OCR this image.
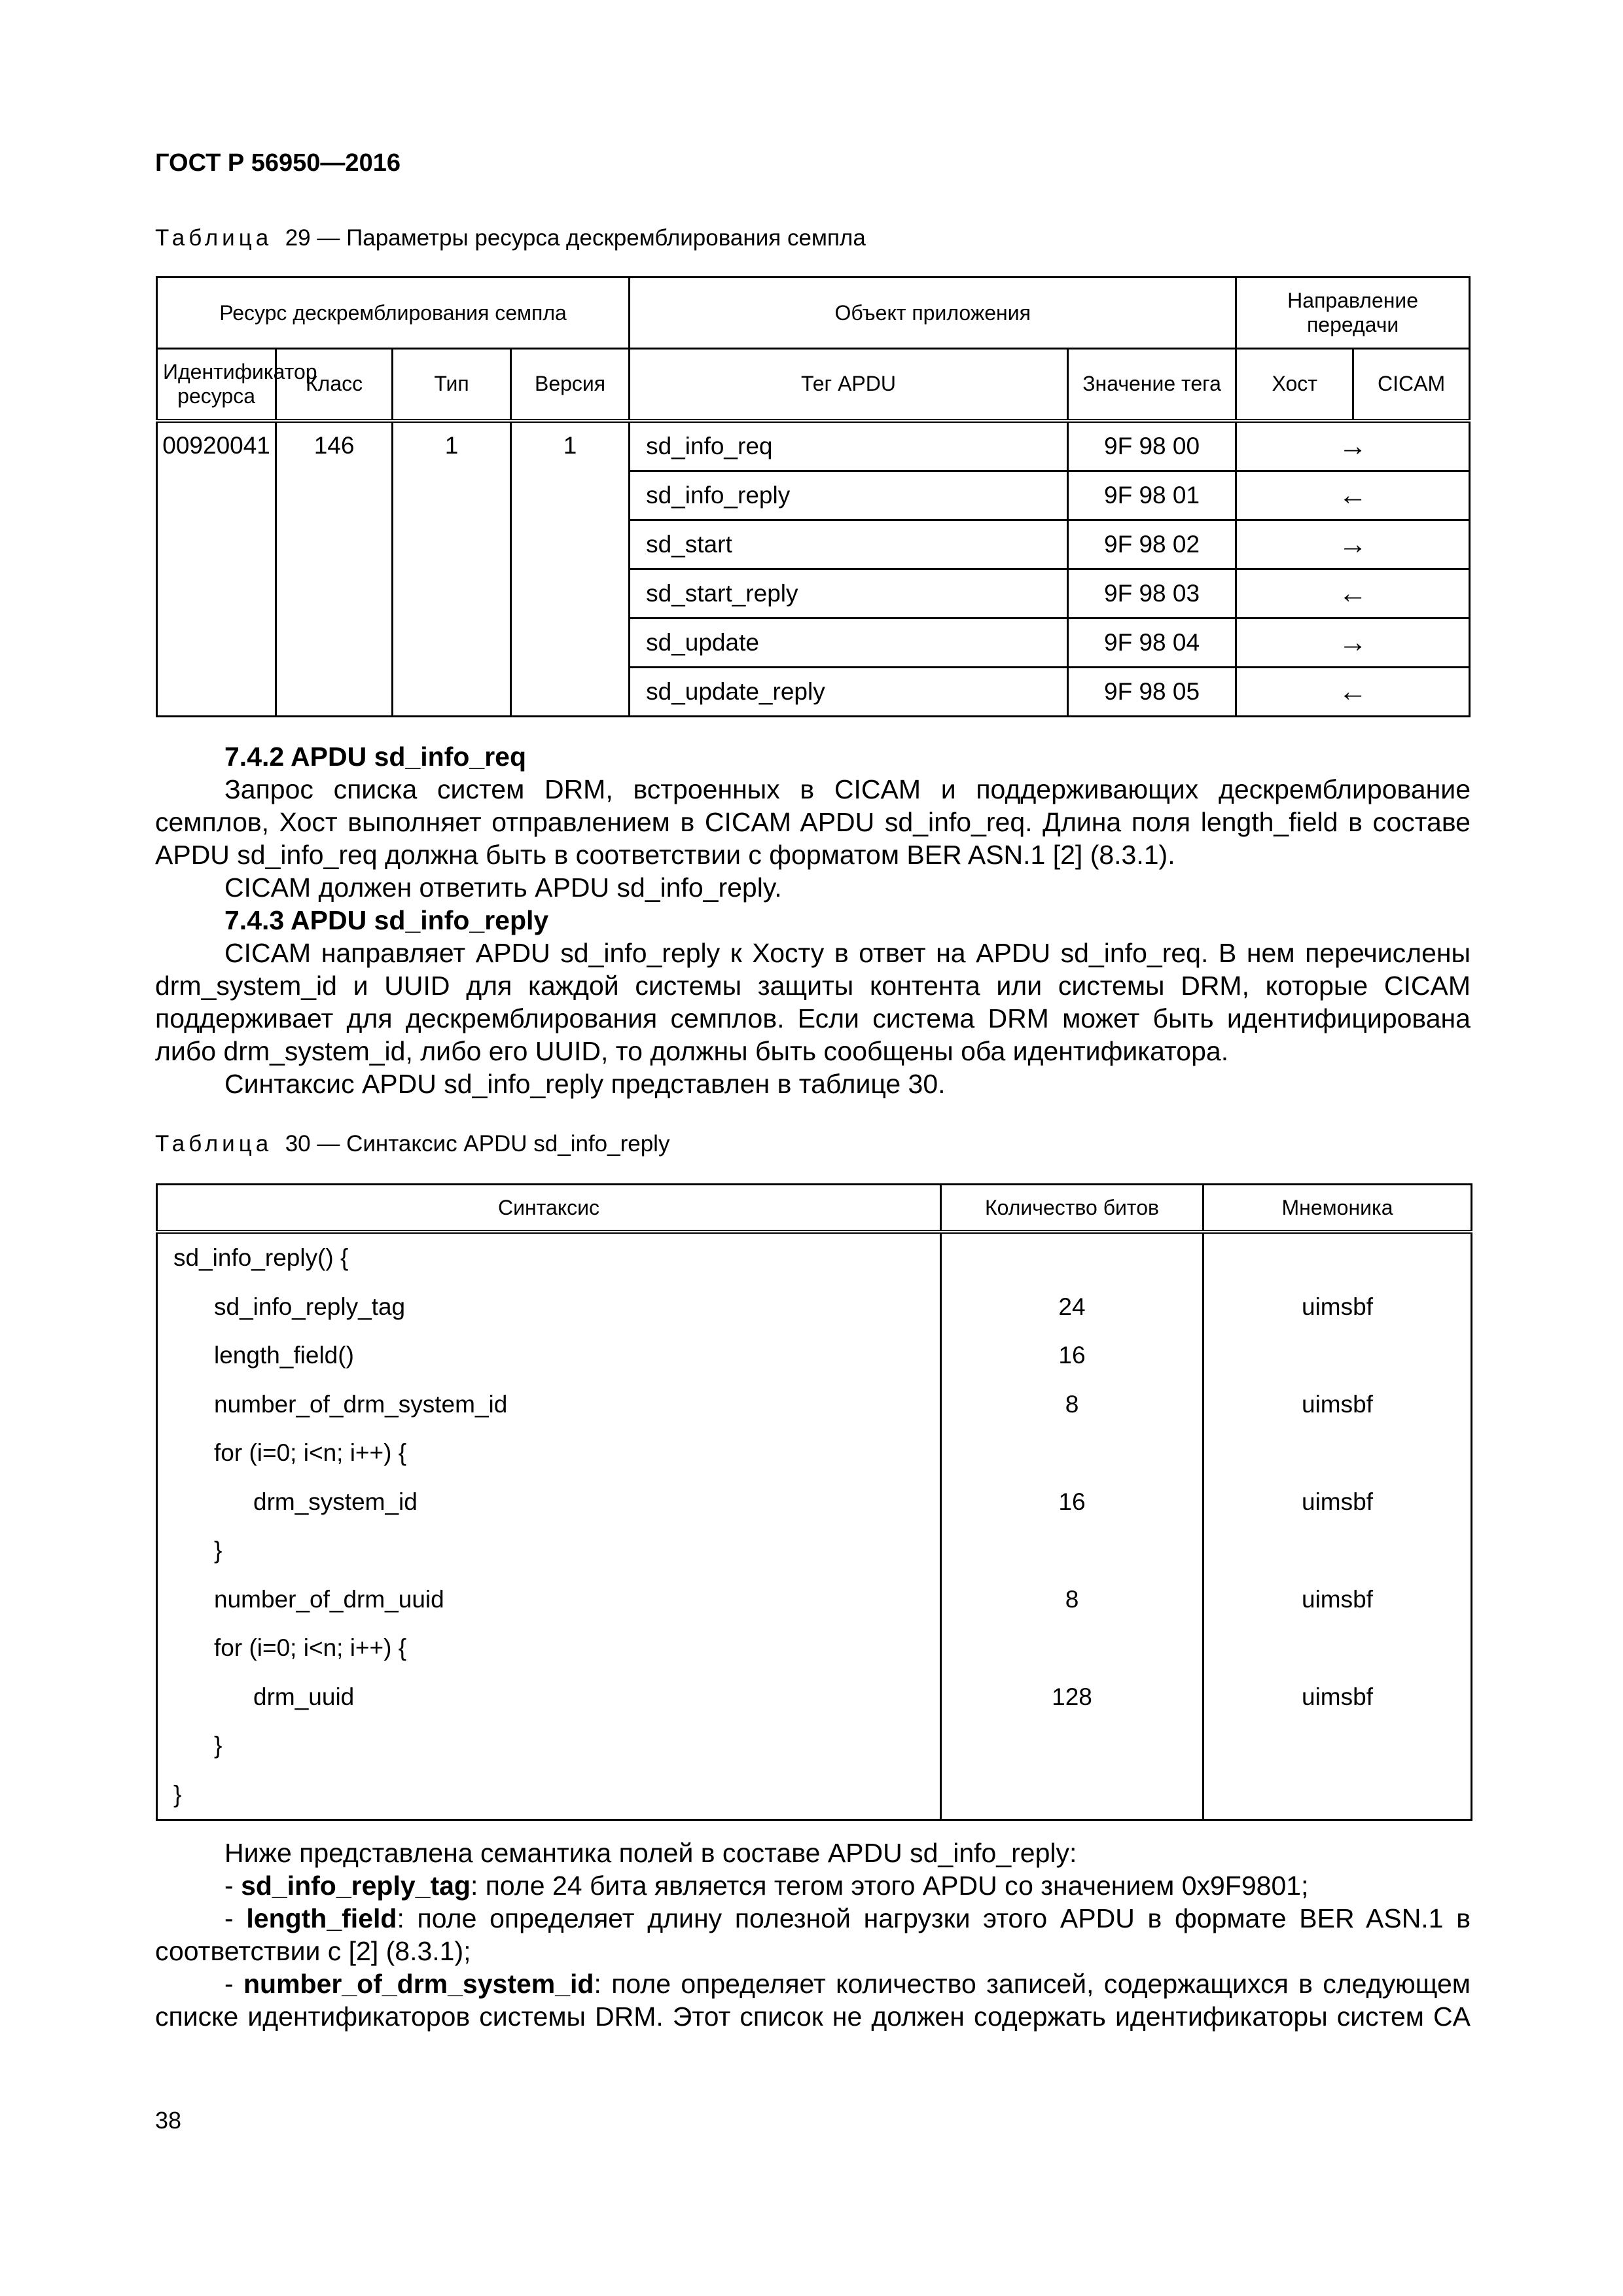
ГОСТ Р 56950—2016
Таблица 29 — Параметры ресурса дескремблирования семпла
Ресурс дескремблирования семпла				Объект приложения		Направление передачи	
Идентификатор ресурса	Класс	Тип	Версия	Тег APDU	Значение тега	Хост	CICAM
00920041	146	1	1	sd_info_req	9F 98 00	→	
				sd_info_reply	9F 98 01	←	
				sd_start	9F 98 02	→	
				sd_start_reply	9F 98 03	←	
				sd_update	9F 98 04	→	
				sd_update_reply	9F 98 05	←	
7.4.2 APDU sd_info_req
Запрос списка систем DRM, встроенных в CICAM и поддерживающих дескремблирование семплов, Хост выполняет отправлением в CICAM APDU sd_info_req. Длина поля length_field в составе APDU sd_info_req должна быть в соответствии с форматом BER ASN.1 [2] (8.3.1).
CICAM должен ответить APDU sd_info_reply.
7.4.3 APDU sd_info_reply
CICAM направляет APDU sd_info_reply к Хосту в ответ на APDU sd_info_req. В нем перечислены drm_system_id и UUID для каждой системы защиты контента или системы DRM, которые CICAM поддерживает для дескремблирования семплов. Если система DRM может быть идентифицирована либо drm_system_id, либо его UUID, то должны быть сообщены оба идентификатора.
Синтаксис APDU sd_info_reply представлен в таблице 30.
Таблица 30 — Синтаксис APDU sd_info_reply
Синтаксис	Количество битов	Мнемоника
sd_info_reply() {		
sd_info_reply_tag	24	uimsbf
length_field()	16	
number_of_drm_system_id	8	uimsbf
for (i=0; i<n; i++) {		
drm_system_id	16	uimsbf
}		
number_of_drm_uuid	8	uimsbf
for (i=0; i<n; i++) {		
drm_uuid	128	uimsbf
}		
}		
Ниже представлена семантика полей в составе APDU sd_info_reply:
- sd_info_reply_tag: поле 24 бита является тегом этого APDU со значением 0x9F9801;
- length_field: поле определяет длину полезной нагрузки этого APDU в формате BER ASN.1 в соответствии с [2] (8.3.1);
- number_of_drm_system_id: поле определяет количество записей, содержащихся в следующем списке идентификаторов системы DRM. Этот список не должен содержать идентификаторы систем CA
38
